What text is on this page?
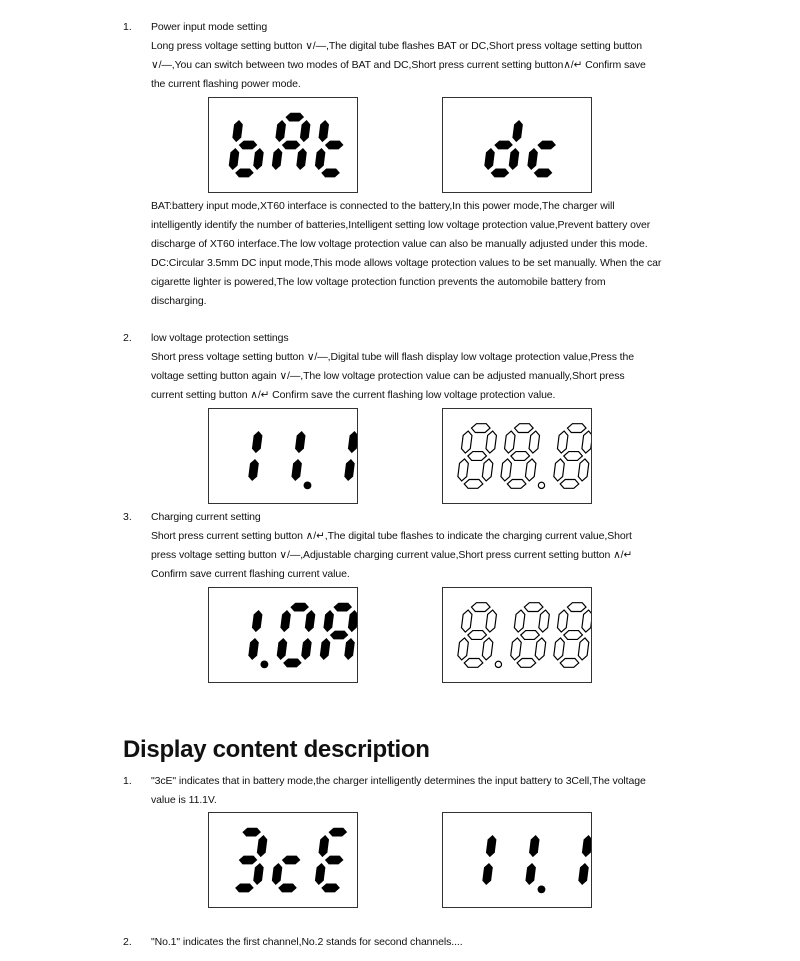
1. Power input mode setting
Long press voltage setting button ∨/—,The digital tube flashes BAT or DC,Short press voltage setting button
∨/—,You can switch between two modes of BAT and DC,Short press current setting button∧/↵ Confirm save
the current flashing power mode.
BAT:battery input mode,XT60 interface is connected to the battery,In this power mode,The charger will
intelligently identify the number of batteries,Intelligent setting low voltage protection value,Prevent battery over
discharge of XT60 interface.The low voltage protection value can also be manually adjusted under this mode.
DC:Circular 3.5mm DC input mode,This mode allows voltage protection values to be set manually. When the car
cigarette lighter is powered,The low voltage protection function prevents the automobile battery from
discharging.
2. low voltage protection settings
Short press voltage setting button ∨/—,Digital tube will flash display low voltage protection value,Press the
voltage setting button again ∨/—,The low voltage protection value can be adjusted manually,Short press
current setting button ∧/↵ Confirm save the current flashing low voltage protection value.
3. Charging current setting
Short press current setting button ∧/↵,The digital tube flashes to indicate the charging current value,Short
press voltage setting button ∨/—,Adjustable charging current value,Short press current setting button ∧/↵
Confirm save current flashing current value.
Display content description
1. "3cE" indicates that in battery mode,the charger intelligently determines the input battery to 3Cell,The voltage
value is 11.1V.
2. "No.1" indicates the first channel,No.2 stands for second channels....
